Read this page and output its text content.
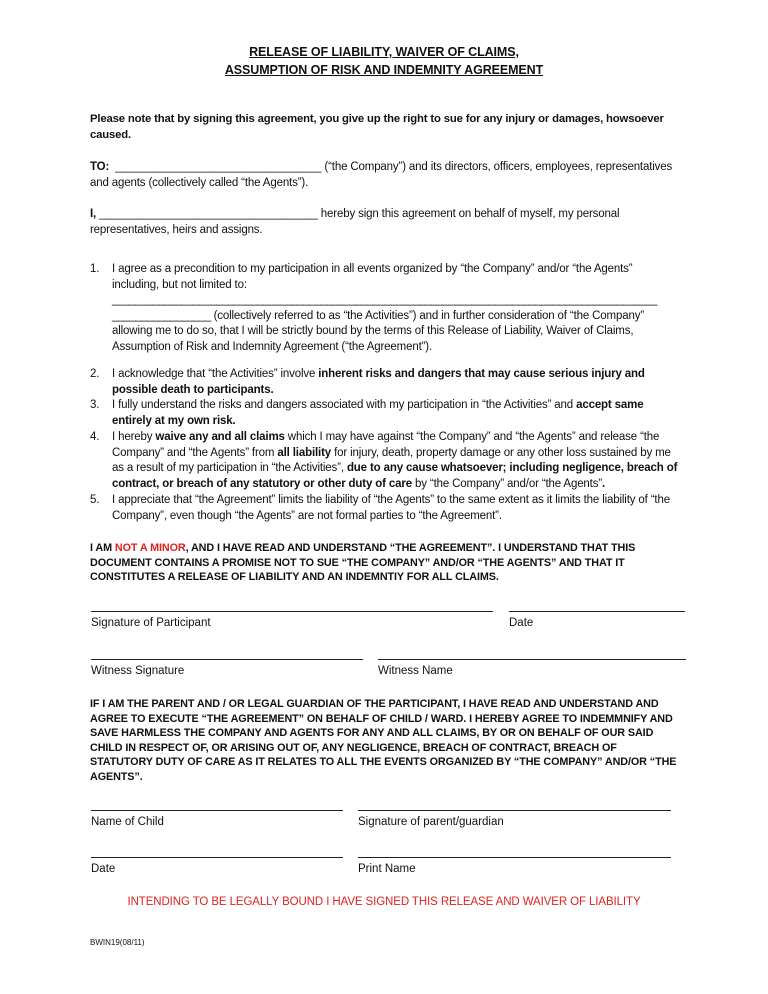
RELEASE OF LIABILITY, WAIVER OF CLAIMS,
ASSUMPTION OF RISK AND INDEMNITY AGREEMENT
Please note that by signing this agreement, you give up the right to sue for any injury or damages, howsoever caused.
TO: _________________________________ (“the Company”) and its directors, officers, employees, representatives and agents (collectively called “the Agents”).
I, ___________________________________ hereby sign this agreement on behalf of myself, my personal representatives, heirs and assigns.
1.	I agree as a precondition to my participation in all events organized by “the Company” and/or “the Agents” including, but not limited to:
______________________________________________________________________________________________
_________________ (collectively referred to as “the Activities”) and in further consideration of “the Company” allowing me to do so, that I will be strictly bound by the terms of this Release of Liability, Waiver of Claims, Assumption of Risk and Indemnity Agreement (“the Agreement”).
2.	I acknowledge that “the Activities” involve inherent risks and dangers that may cause serious injury and possible death to participants.
3.	I fully understand the risks and dangers associated with my participation in “the Activities” and accept same entirely at my own risk.
4.	I hereby waive any and all claims which I may have against “the Company” and “the Agents” and release “the Company” and “the Agents” from all liability for injury, death, property damage or any other loss sustained by me as a result of my participation in “the Activities”, due to any cause whatsoever; including negligence, breach of contract, or breach of any statutory or other duty of care by “the Company” and/or “the Agents”.
5.	I appreciate that “the Agreement” limits the liability of “the Agents” to the same extent as it limits the liability of “the Company”, even though “the Agents” are not formal parties to “the Agreement”.
I AM NOT A MINOR, AND I HAVE READ AND UNDERSTAND “THE AGREEMENT”. I UNDERSTAND THAT THIS DOCUMENT CONTAINS A PROMISE NOT TO SUE “THE COMPANY” AND/OR “THE AGENTS” AND THAT IT CONSTITUTES A RELEASE OF LIABILITY AND AN INDEMNTIY FOR ALL CLAIMS.
Signature of Participant	Date
Witness Signature	Witness Name
IF I AM THE PARENT AND / OR LEGAL GUARDIAN OF THE PARTICIPANT, I HAVE READ AND UNDERSTAND AND AGREE TO EXECUTE “THE AGREEMENT” ON BEHALF OF CHILD / WARD. I HEREBY AGREE TO INDEMMNIFY AND SAVE HARMLESS THE COMPANY AND AGENTS FOR ANY AND ALL CLAIMS, BY OR ON BEHALF OF OUR SAID CHILD IN RESPECT OF, OR ARISING OUT OF, ANY NEGLIGENCE, BREACH OF CONTRACT, BREACH OF STATUTORY DUTY OF CARE AS IT RELATES TO ALL THE EVENTS ORGANIZED BY “THE COMPANY” AND/OR “THE AGENTS”.
Name of Child	Signature of parent/guardian
Date	Print Name
INTENDING TO BE LEGALLY BOUND I HAVE SIGNED THIS RELEASE AND WAIVER OF LIABILITY
BWIN19(08/11)
